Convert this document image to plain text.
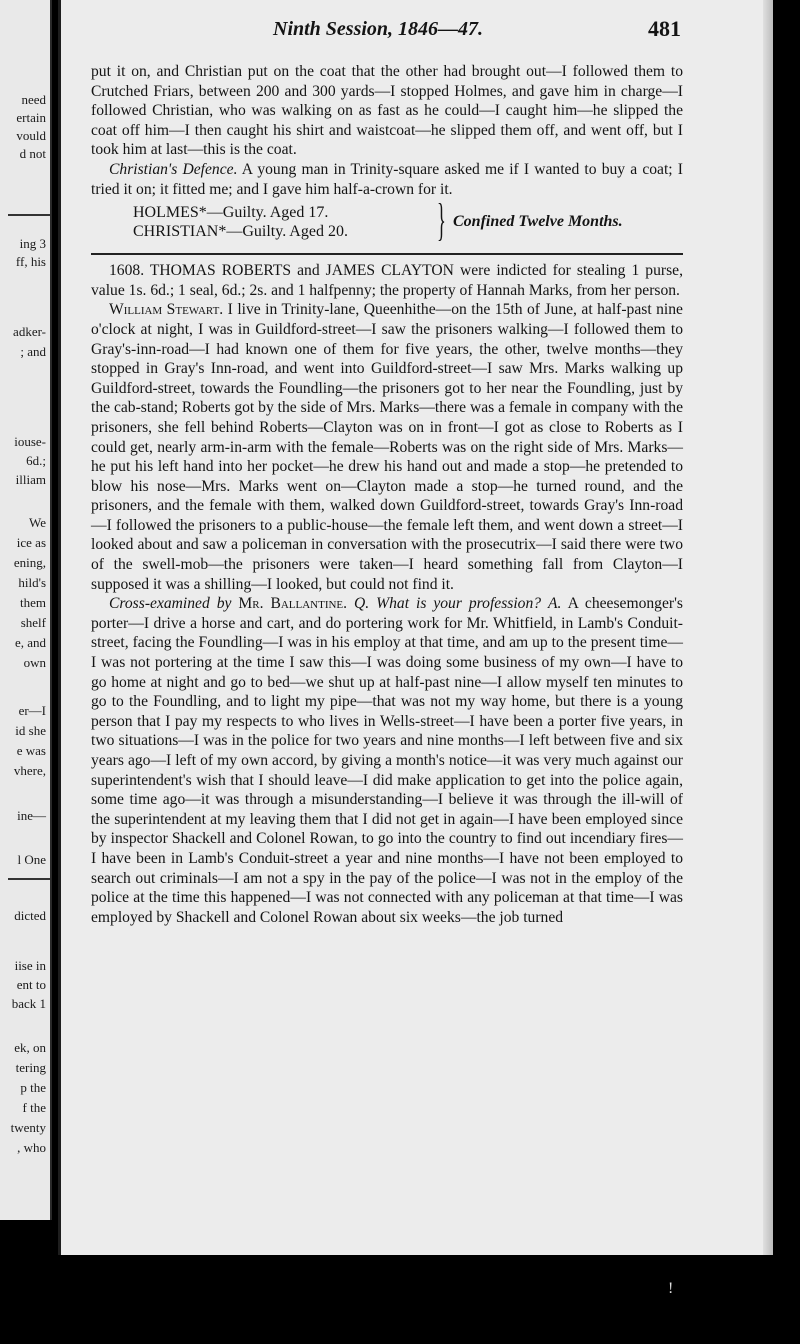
need
ertain
vould
d not
ing 3
ff, his
adker-
; and
iouse-
6d.;
illiam
We
ice as
ening,
hild's
them
shelf
e, and
own
er—I
id she
e was
vhere,
ine—
l One
dicted
iise in
ent to
back 1
ek, on
tering
p the
f the
twenty
, who
Ninth Session, 1846—47.	481

put it on, and Christian put on the coat that the other had brought out—I followed them to Crutched Friars, between 200 and 300 yards—I stopped Holmes, and gave him in charge—I followed Christian, who was walking on as fast as he could—I caught him—he slipped the coat off him—I then caught his shirt and waistcoat—he slipped them off, and went off, but I took him at last—this is the coat.

Christian's Defence. A young man in Trinity-square asked me if I wanted to buy a coat; I tried it on; it fitted me; and I gave him half-a-crown for it.

HOLMES*—Guilty. Aged 17.
CHRISTIAN*—Guilty. Aged 20. } Confined Twelve Months.

1608. THOMAS ROBERTS and JAMES CLAYTON were indicted for stealing 1 purse, value 1s. 6d.; 1 seal, 6d.; 2s. and 1 halfpenny; the property of Hannah Marks, from her person.

William Stewart. I live in Trinity-lane, Queenhithe—on the 15th of June, at half-past nine o'clock at night, I was in Guildford-street—I saw the prisoners walking—I followed them to Gray's-inn-road—I had known one of them for five years, the other, twelve months—they stopped in Gray's Inn-road, and went into Guildford-street—I saw Mrs. Marks walking up Guildford-street, towards the Foundling—the prisoners got to her near the Foundling, just by the cab-stand; Roberts got by the side of Mrs. Marks—there was a female in company with the prisoners, she fell behind Roberts—Clayton was on in front—I got as close to Roberts as I could get, nearly arm-in-arm with the female—Roberts was on the right side of Mrs. Marks—he put his left hand into her pocket—he drew his hand out and made a stop—he pretended to blow his nose—Mrs. Marks went on—Clayton made a stop—he turned round, and the prisoners, and the female with them, walked down Guildford-street, towards Gray's Inn-road—I followed the prisoners to a public-house—the female left them, and went down a street—I looked about and saw a policeman in conversation with the prosecutrix—I said there were two of the swell-mob—the prisoners were taken—I heard something fall from Clayton—I supposed it was a shilling—I looked, but could not find it.

Cross-examined by Mr. Ballantine. Q. What is your profession? A. A cheesemonger's porter—I drive a horse and cart, and do portering work for Mr. Whitfield, in Lamb's Conduit-street, facing the Foundling—I was in his employ at that time, and am up to the present time—I was not portering at the time I saw this—I was doing some business of my own—I have to go home at night and go to bed—we shut up at half-past nine—I allow myself ten minutes to go to the Foundling, and to light my pipe—that was not my way home, but there is a young person that I pay my respects to who lives in Wells-street—I have been a porter five years, in two situations—I was in the police for two years and nine months—I left between five and six years ago—I left of my own accord, by giving a month's notice—it was very much against our superintendent's wish that I should leave—I did make application to get into the police again, some time ago—it was through a misunderstanding—I believe it was through the ill-will of the superintendent at my leaving them that I did not get in again—I have been employed since by inspector Shackell and Colonel Rowan, to go into the country to find out incendiary fires—I have been in Lamb's Conduit-street a year and nine months—I have not been employed to search out criminals—I am not a spy in the pay of the police—I was not in the employ of the police at the time this happened—I was not connected with any policeman at that time—I was employed by Shackell and Colonel Rowan about six weeks—the job turned

!
